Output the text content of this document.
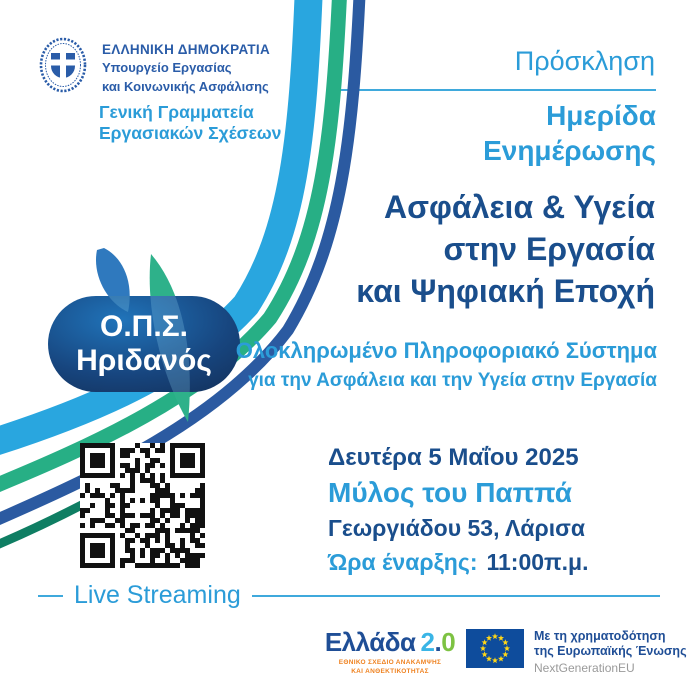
ΕΛΛΗΝΙΚΗ ΔΗΜΟΚΡΑΤΙΑ
Υπουργείο Εργασίας
και Κοινωνικής Ασφάλισης
Γενική Γραμματεία
Εργασιακών Σχέσεων
Πρόσκληση
Ημερίδα
Ενημέρωσης
Ασφάλεια & Υγεία
στην Εργασία
και Ψηφιακή Εποχή
Ο.Π.Σ.
Ηριδανός Ολοκληρωμένο Πληροφοριακό Σύστημα
για την Ασφάλεια και την Υγεία στην Εργασία
Δευτέρα 5 Μαΐου 2025
Μύλος του Παππά
Γεωργιάδου 53, Λάρισα
Ώρα έναρξης: 11:00π.μ.
Live Streaming
Ελλάδα 2.0
ΕΘΝΙΚΟ ΣΧΕΔΙΟ ΑΝΑΚΑΜΨΗΣ
ΚΑΙ ΑΝΘΕΚΤΙΚΟΤΗΤΑΣ
Με τη χρηματοδότηση
της Ευρωπαϊκής Ένωσης
NextGenerationEU
